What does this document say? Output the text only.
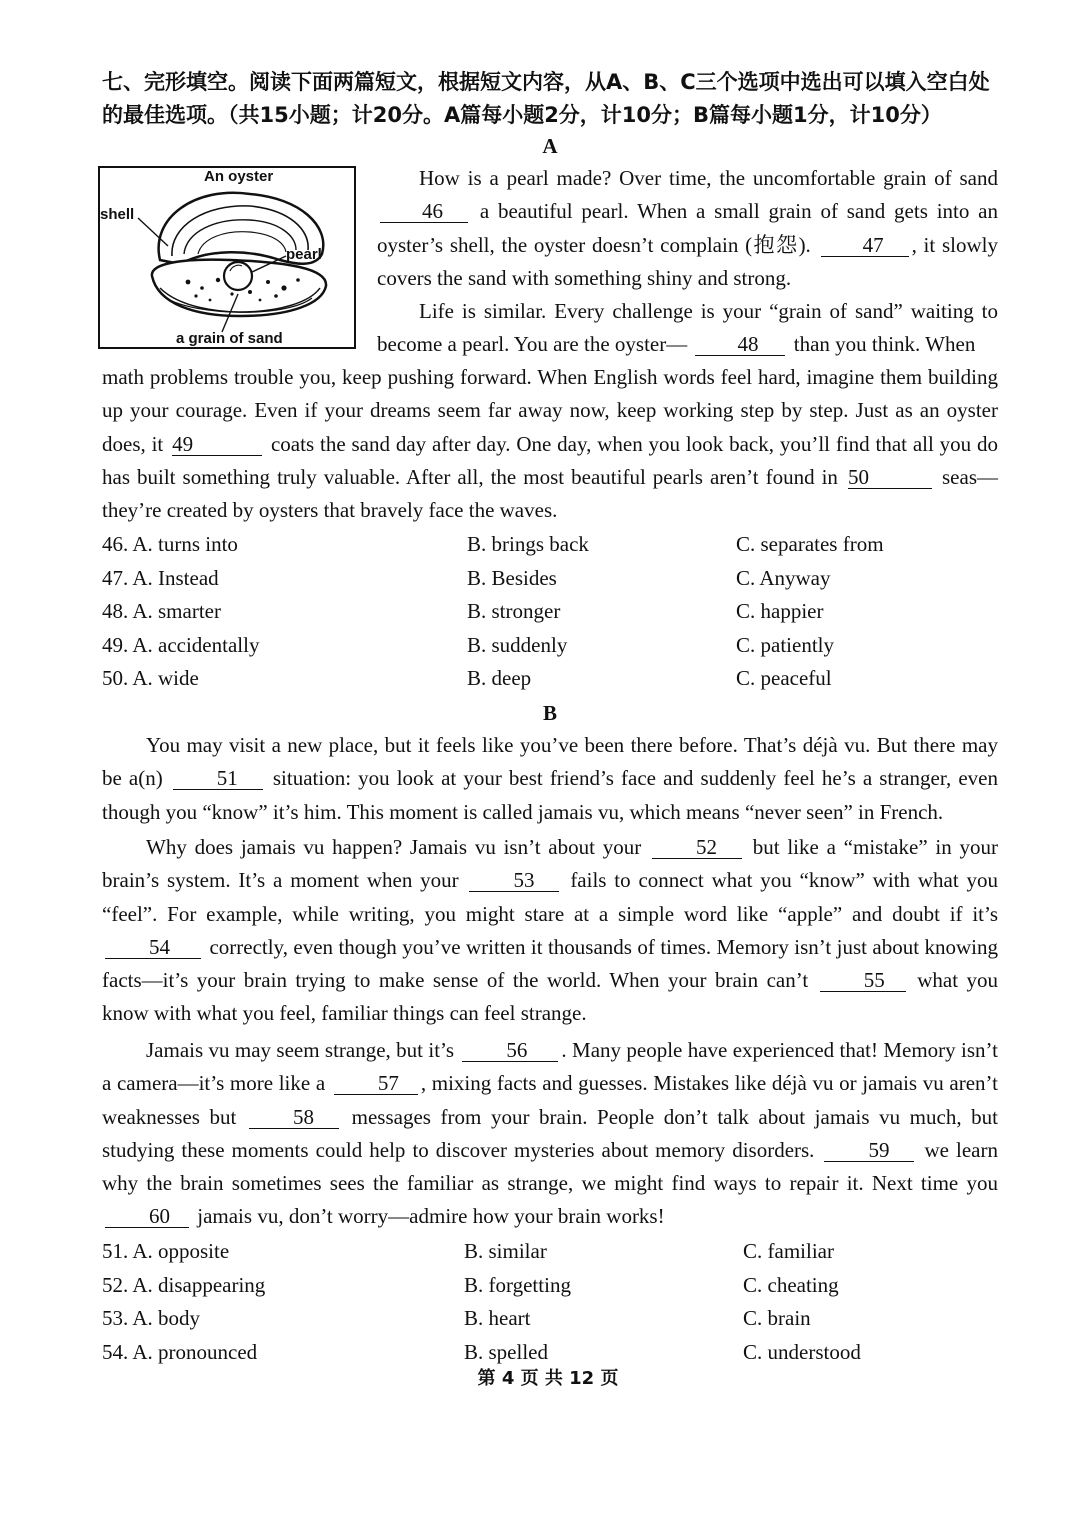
七、完形填空。阅读下面两篇短文，根据短文内容，从A、B、C三个选项中选出可以填入空白处的最佳选项。（共15小题；计20分。A篇每小题2分，计10分；B篇每小题1分，计10分）
A
An oyster
shell
pearl
a grain of sand

How is a pearl made? Over time, the uncomfortable grain of sand 46 a beautiful pearl. When a small grain of sand gets into an oyster’s shell, the oyster doesn’t complain (抱怨). 47 , it slowly covers the sand with something shiny and strong.

Life is similar. Every challenge is your “grain of sand” waiting to become a pearl. You are the oyster— 48 than you think. When

math problems trouble you, keep pushing forward. When English words feel hard, imagine them building up your courage. Even if your dreams seem far away now, keep working step by step. Just as an oyster does, it 49	coats the sand day after day. One day, when you look back, you’ll find that all you do has built something truly valuable. After all, the most beautiful pearls aren’t found in 50	seas—they’re created by oysters that bravely face the waves.

46. A. turns into	B. brings back	C. separates from
47. A. Instead	B. Besides	C. Anyway
48. A. smarter	B. stronger	C. happier
49. A. accidentally	B. suddenly	C. patiently
50. A. wide	B. deep	C. peaceful
B

You may visit a new place, but it feels like you’ve been there before. That’s déjà vu. But there may be a(n)	51 situation: you look at your best friend’s face and suddenly feel he’s a stranger, even though you “know” it’s him. This moment is called jamais vu, which means “never seen” in French.

Why does jamais vu happen? Jamais vu isn’t about your	52 but like a “mistake” in your brain’s system. It’s a moment when your	53 fails to connect what you “know” with what you “feel”. For example, while writing, you might stare at a simple word like “apple” and doubt if it’s 54 correctly, even though you’ve written it thousands of times. Memory isn’t just about knowing facts—it’s your brain trying to make sense of the world. When your brain can’t	55 what you know with what you feel, familiar things can feel strange.

Jamais vu may seem strange, but it’s 56 . Many people have experienced that! Memory isn’t a camera—it’s more like a	57 , mixing facts and guesses. Mistakes like déjà vu or jamais vu aren’t weaknesses but	58 messages from your brain. People don’t talk about jamais vu much, but studying these moments could help to discover mysteries about memory disorders.	59 we learn why the brain sometimes sees the familiar as strange, we might find ways to repair it. Next time you 60 jamais vu, don’t worry—admire how your brain works!

51. A. opposite	B. similar	C. familiar
52. A. disappearing	B. forgetting	C. cheating
53. A. body	B. heart	C. brain
54. A. pronounced	B. spelled	C. understood
第 4 页 共 12 页
